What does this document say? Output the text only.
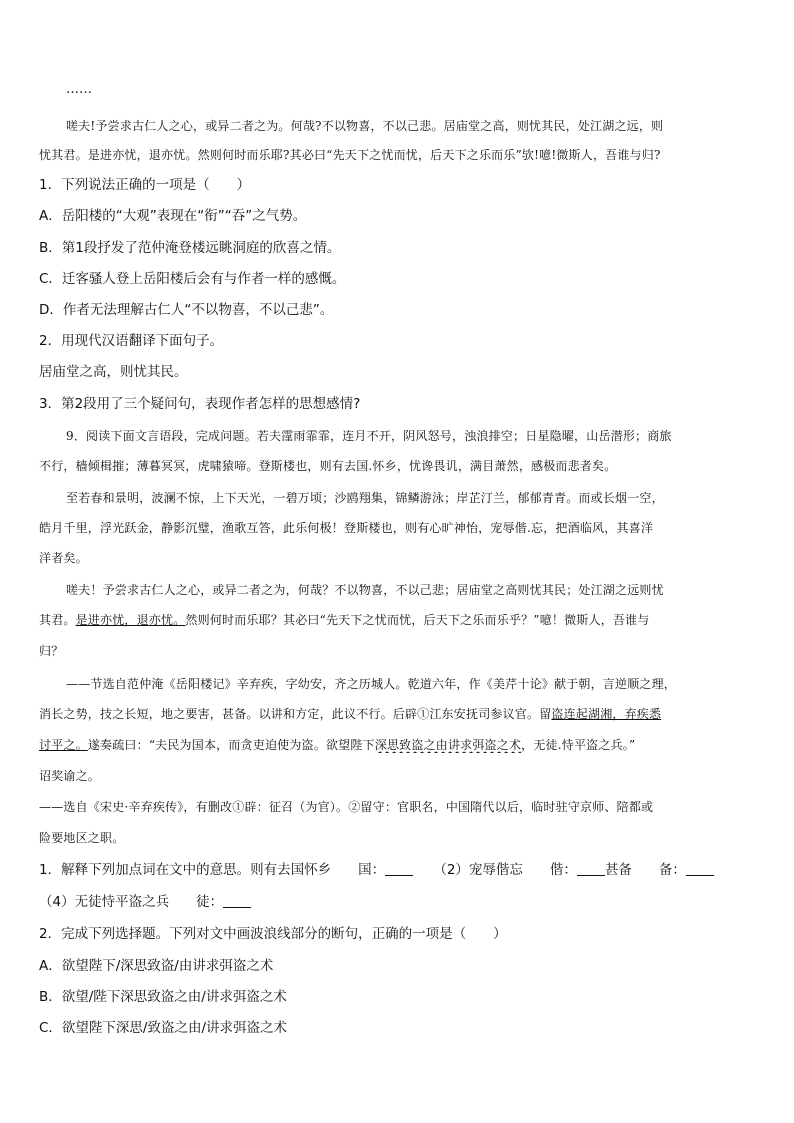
……
嗟夫!予尝求古仁人之心，或异二者之为。何哉?不以物喜，不以己悲。居庙堂之高，则忧其民，处江湖之远，则
忧其君。是进亦忧，退亦忧。然则何时而乐耶?其必曰“先天下之忧而忧，后天下之乐而乐”欤!噫!微斯人，吾谁与归?
1．下列说法正确的一项是（　　）
A．岳阳楼的“大观”表现在“衔”“吞”之气势。
B．第1段抒发了范仲淹登楼远眺洞庭的欣喜之情。
C．迁客骚人登上岳阳楼后会有与作者一样的感慨。
D．作者无法理解古仁人“不以物喜，不以己悲”。
2．用现代汉语翻译下面句子。
居庙堂之高，则忧其民。
3．第2段用了三个疑问句，表现作者怎样的思想感情?
9．阅读下面文言语段，完成问题。若夫霪雨霏霏，连月不开，阴风怒号，浊浪排空；日星隐曜，山岳潜形；商旅
不行，樯倾楫摧；薄暮冥冥，虎啸猿啼。登斯楼也，则有去国.怀乡，忧谗畏讥，满目萧然，感极而悲者矣。
至若春和景明，波澜不惊，上下天光，一碧万顷；沙鸥翔集，锦鳞游泳；岸芷汀兰，郁郁青青。而或长烟一空，
皓月千里，浮光跃金，静影沉璧，渔歌互答，此乐何极！登斯楼也，则有心旷神怡，宠辱偕.忘，把酒临风，其喜洋
洋者矣。
嗟夫！予尝求古仁人之心，或异二者之为，何哉？不以物喜，不以己悲；居庙堂之高则忧其民；处江湖之远则忧
其君。是进亦忧，退亦忧。然则何时而乐耶？其必曰“先天下之忧而忧，后天下之乐而乐乎？”噫！微斯人，吾谁与
归？
——节选自范仲淹《岳阳楼记》辛弃疾，字幼安，齐之历城人。乾道六年，作《美芹十论》献于朝，言逆顺之理，
消长之势，技之长短，地之要害，甚备。以讲和方定，此议不行。后辟①江东安抚司参议官。留盗连起湖湘，弃疾悉
讨平之。遂奏疏曰：“夫民为国本，而贪吏迫使为盗。欲望陛下深思致盗之由讲求弭盗之术，无徒.恃平盗之兵。”
诏奖谕之。
——选自《宋史·辛弃疾传》，有删改①辟：征召（为官）。②留守：官职名，中国隋代以后，临时驻守京师、陪都或
险要地区之职。
1．解释下列加点词在文中的意思。则有去国怀乡　　国：　　	（2）宠辱偕忘　　偕： 甚备　　备：
（4）无徒恃平盗之兵　　徒：
2．完成下列选择题。下列对文中画波浪线部分的断句，正确的一项是（　　）
A．欲望陛下/深思致盗/由讲求弭盗之术
B．欲望/陛下深思致盗之由/讲求弭盗之术
C．欲望陛下深思/致盗之由/讲求弭盗之术
